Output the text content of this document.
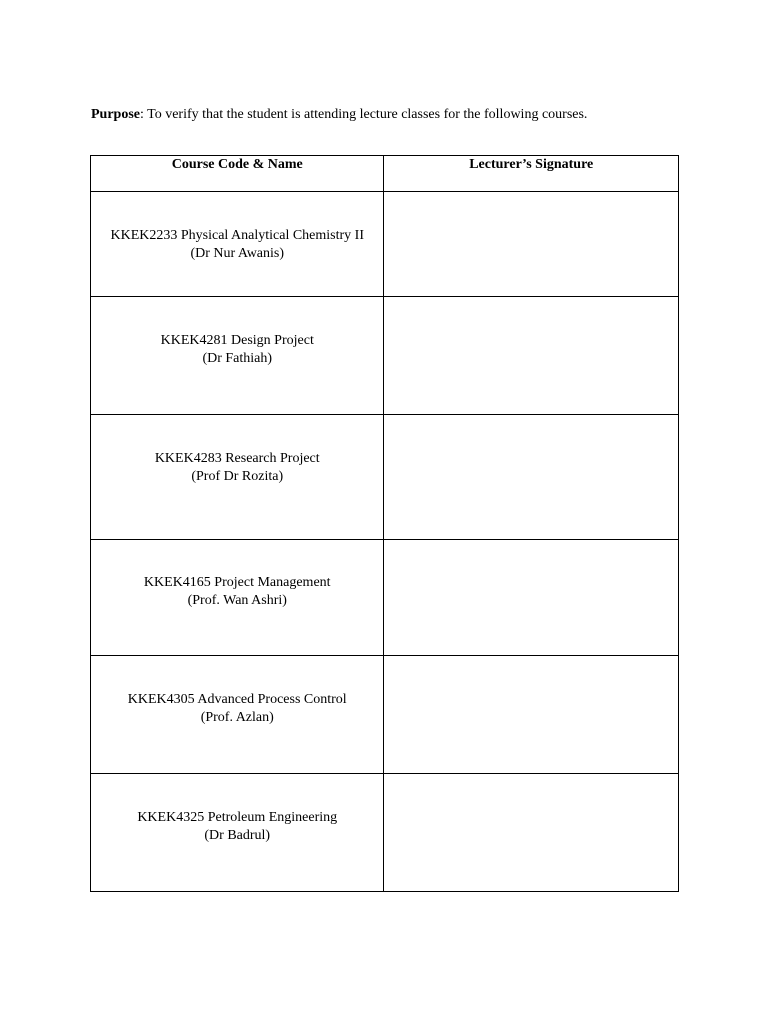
Purpose: To verify that the student is attending lecture classes for the following courses.

Course Code & Name	Lecturer’s Signature

KKEK2233 Physical Analytical Chemistry II
(Dr Nur Awanis)	

KKEK4281 Design Project
(Dr Fathiah)	

KKEK4283 Research Project
(Prof Dr Rozita)	

KKEK4165 Project Management
(Prof. Wan Ashri)	

KKEK4305 Advanced Process Control
(Prof. Azlan)	

KKEK4325 Petroleum Engineering
(Dr Badrul)	
